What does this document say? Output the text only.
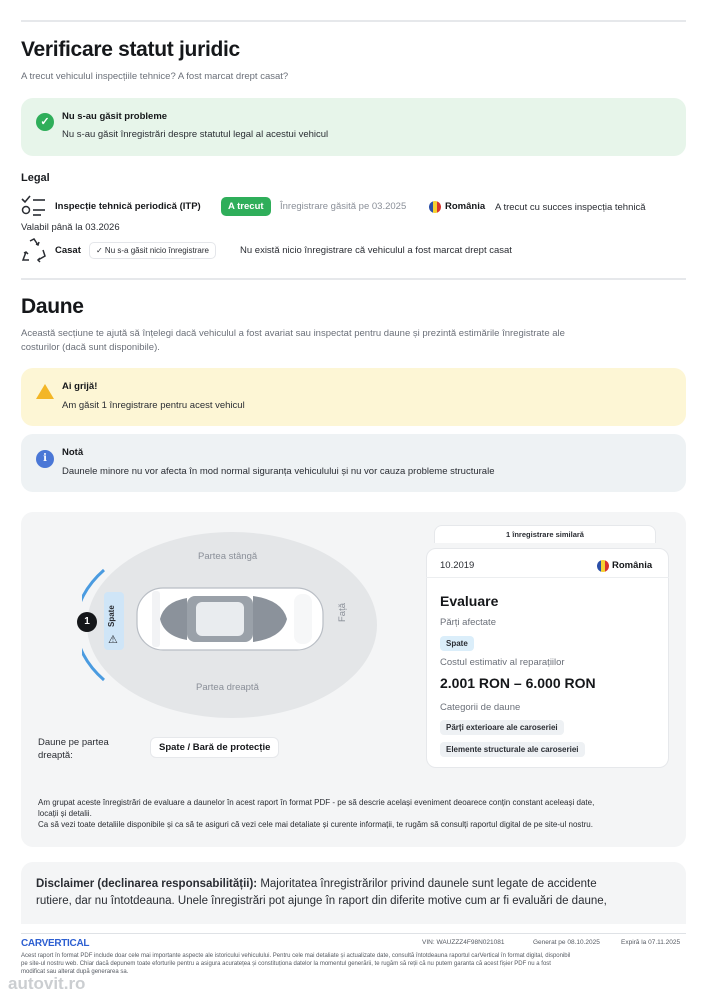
Verificare statut juridic
A trecut vehiculul inspecțiile tehnice? A fost marcat drept casat?
✓	Nu s-au găsit probleme
Nu s-au găsit înregistrări despre statutul legal al acestui vehicul
Legal
Inspecție tehnică periodică (ITP)	A trecut	Înregistrare găsită pe 03.2025	România A trecut cu succes inspecția tehnică
Valabil până la 03.2026
Casat	✓ Nu s-a găsit nicio înregistrare	Nu există nicio înregistrare că vehiculul a fost marcat drept casat
Daune
Această secțiune te ajută să înțelegi dacă vehiculul a fost avariat sau inspectat pentru daune și prezintă estimările înregistrate ale
costurilor (dacă sunt disponibile).
Ai grijă!
Am găsit 1 înregistrare pentru acest vehicul
i
Notă
Daunele minore nu vor afecta în mod normal siguranța vehiculului și nu vor cauza probleme structurale
Partea stângă
Partea dreaptă
Față
Spate
⚠
1
Daune pe partea
dreaptă:
Spate / Bară de protecție
1 înregistrare similară
10.2019	România
Evaluare
Părți afectate
Spate
Costul estimativ al reparațiilor
2.001 RON – 6.000 RON
Categorii de daune
Părți exterioare ale caroseriei
Elemente structurale ale caroseriei
Am grupat aceste înregistrări de evaluare a daunelor în acest raport în format PDF - pe să descrie același eveniment deoarece conțin constant aceleași date,
locații și detalii.
Ca să vezi toate detaliile disponibile și ca să te asiguri că vezi cele mai detaliate și curente informații, te rugăm să consulți raportul digital de pe site-ul nostru.
Disclaimer (declinarea responsabilității): Majoritatea înregistrărilor privind daunele sunt legate de accidente
rutiere, dar nu întotdeauna. Unele înregistrări pot ajunge în raport din diferite motive cum ar fi evaluări de daune,
CARVERTICAL	VIN: WAUZZZ4F98N021081	Generat pe 08.10.2025	Expiră la 07.11.2025
Acest raport în format PDF include doar cele mai importante aspecte ale istoricului vehiculului. Pentru cele mai detaliate și actualizate date, consultă întotdeauna raportul carVertical în format digital, disponibil
pe site-ul nostru web. Chiar dacă depunem toate eforturile pentru a asigura acuratețea și constituționa datelor la momentul generării, te rugăm să reții că nu putem garanta că acest fișier PDF nu a fost
modificat sau alterat după generarea sa.
autovit.ro
